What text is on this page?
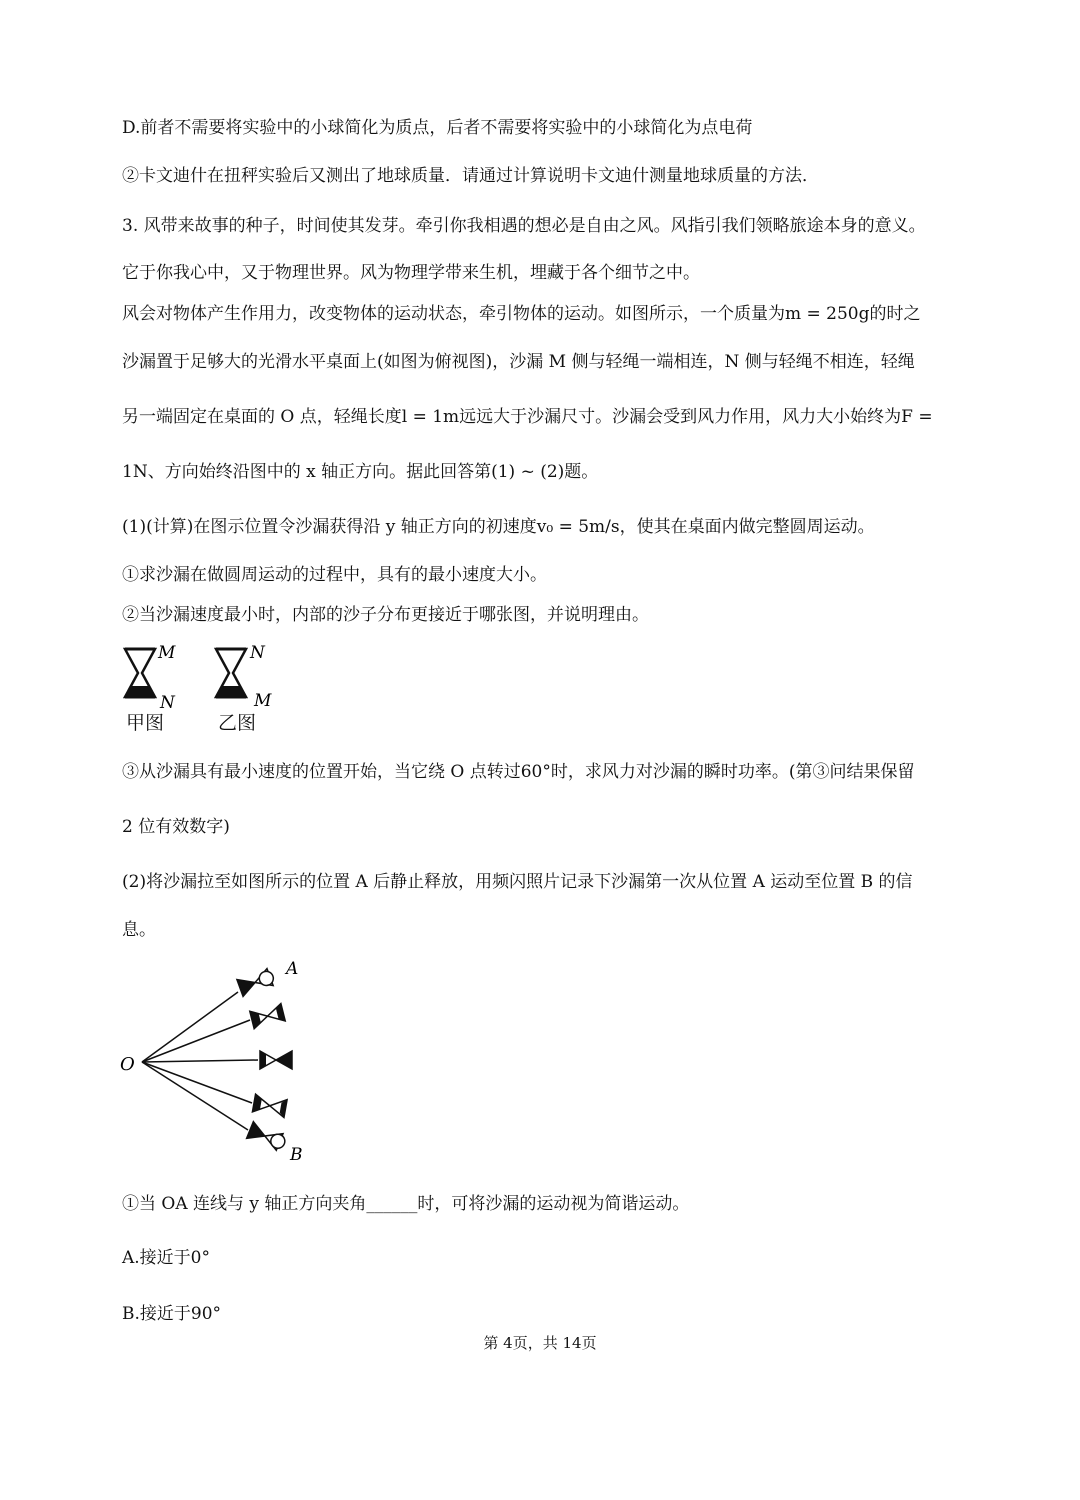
D.前者不需要将实验中的小球简化为质点，后者不需要将实验中的小球简化为点电荷
②卡文迪什在扭秤实验后又测出了地球质量．请通过计算说明卡文迪什测量地球质量的方法．
3. 风带来故事的种子，时间使其发芽。牵引你我相遇的想必是自由之风。风指引我们领略旅途本身的意义。
它于你我心中，又于物理世界。风为物理学带来生机，埋藏于各个细节之中。
风会对物体产生作用力，改变物体的运动状态，牵引物体的运动。如图所示，一个质量为m = 250g的时之
沙漏置于足够大的光滑水平桌面上(如图为俯视图)，沙漏 M 侧与轻绳一端相连，N 侧与轻绳不相连，轻绳
另一端固定在桌面的 O 点，轻绳长度l = 1m远远大于沙漏尺寸。沙漏会受到风力作用，风力大小始终为F =
1N、方向始终沿图中的 x 轴正方向。据此回答第(1) ~ (2)题。
(1)(计算)在图示位置令沙漏获得沿 y 轴正方向的初速度v₀ = 5m/s，使其在桌面内做完整圆周运动。
①求沙漏在做圆周运动的过程中，具有的最小速度大小。
②当沙漏速度最小时，内部的沙子分布更接近于哪张图，并说明理由。
M
N
N
M
甲图	乙图
③从沙漏具有最小速度的位置开始，当它绕 O 点转过60°时，求风力对沙漏的瞬时功率。(第③问结果保留
2 位有效数字)
(2)将沙漏拉至如图所示的位置 A 后静止释放，用频闪照片记录下沙漏第一次从位置 A 运动至位置 B 的信
息。
O
A
B
①当 OA 连线与 y 轴正方向夹角______时，可将沙漏的运动视为简谐运动。
A.接近于0°
B.接近于90°
第 4页，共 14页
